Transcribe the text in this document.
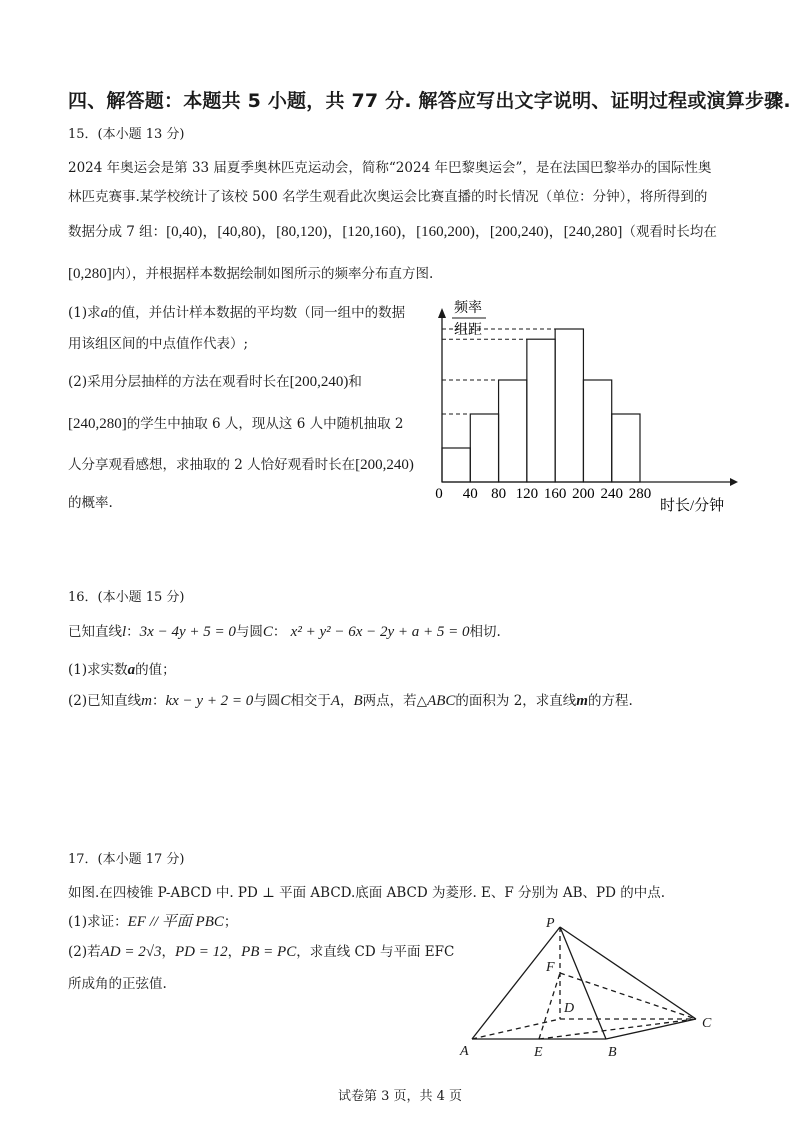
四、解答题：本题共 5 小题，共 77 分. 解答应写出文字说明、证明过程或演算步骤.
15．(本小题 13 分)
2024 年奥运会是第 33 届夏季奥林匹克运动会，简称“2024 年巴黎奥运会”，是在法国巴黎举办的国际性奥
林匹克赛事.某学校统计了该校 500 名学生观看此次奥运会比赛直播的时长情况（单位：分钟），将所得到的
数据分成 7 组：[0,40)，[40,80)，[80,120)，[120,160)，[160,200)，[200,240)，[240,280]（观看时长均在
[0,280]内），并根据样本数据绘制如图所示的频率分布直方图.
(1)求a的值，并估计样本数据的平均数（同一组中的数据
用该组区间的中点值作代表）;
(2)采用分层抽样的方法在观看时长在[200,240)和
[240,280]的学生中抽取 6 人，现从这 6 人中随机抽取 2
人分享观看感想，求抽取的 2 人恰好观看时长在[200,240)
的概率.
频率
组距
0 40 80 120 160 200 240 280
时长/分钟
16．(本小题 15 分)
已知直线l：3x − 4y + 5 = 0与圆C： x² + y² − 6x − 2y + a + 5 = 0相切.
(1)求实数a的值；
(2)已知直线m：kx − y + 2 = 0与圆C相交于A，B两点，若△ABC的面积为 2，求直线m的方程.
17．(本小题 17 分)
如图.在四棱锥 P-ABCD 中. PD ⊥ 平面 ABCD.底面 ABCD 为菱形. E、F 分别为 AB、PD 的中点.
(1)求证：EF // 平面 PBC；
(2)若AD = 2√3，PD = 12，PB = PC，求直线 CD 与平面 EFC
所成角的正弦值.
P
F
D
C
A	E	B
试卷第 3 页，共 4 页
